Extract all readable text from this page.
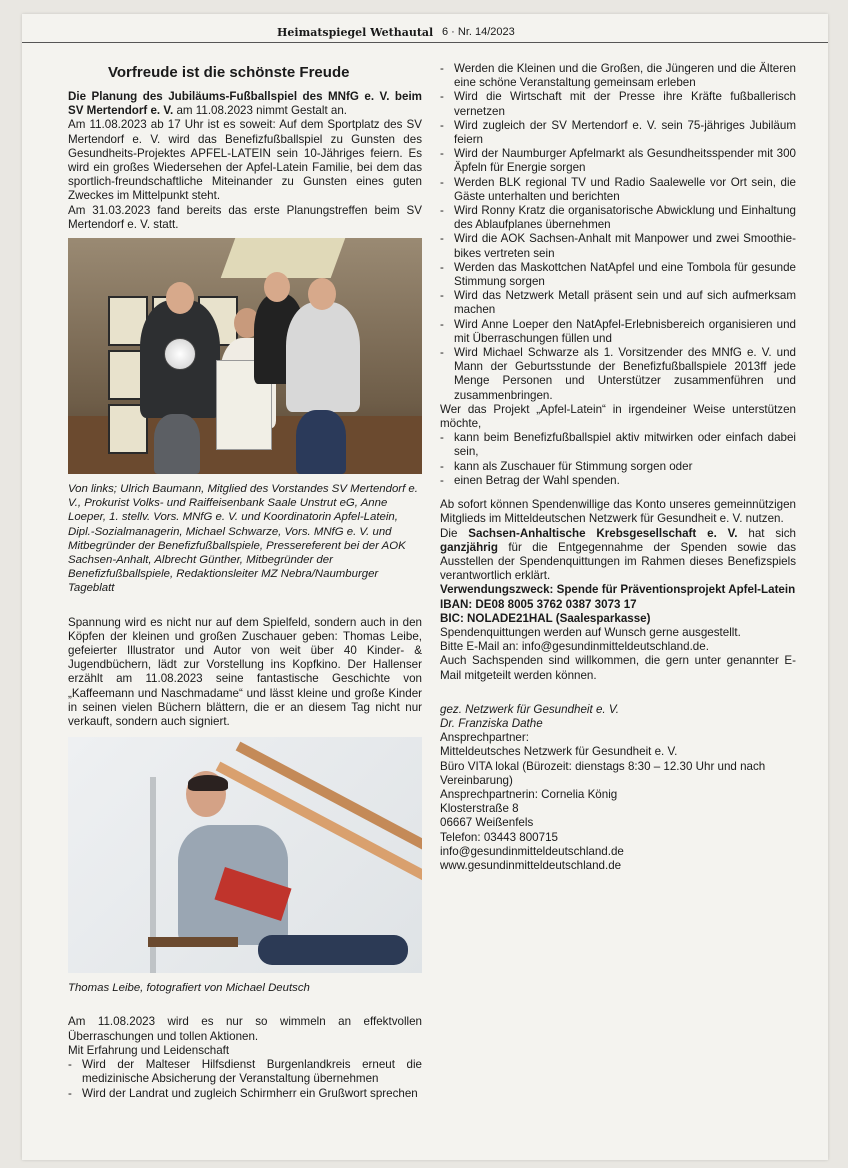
Heimatspiegel Wethautal 6 · Nr. 14/2023
Vorfreude ist die schönste Freude

Die Planung des Jubiläums-Fußballspiel des MNfG e. V. beim SV Mertendorf e. V. am 11.08.2023 nimmt Gestalt an.

Am 11.08.2023 ab 17 Uhr ist es soweit: Auf dem Sportplatz des SV Mertendorf e. V. wird das Benefizfußballspiel zu Gunsten des Gesundheits-Projektes APFEL-LATEIN sein 10-Jähriges feiern. Es wird ein großes Wiedersehen der Apfel-Latein Familie, bei dem das sportlich-freundschaftliche Miteinander zu Gunsten eines guten Zweckes im Mittelpunkt steht.

Am 31.03.2023 fand bereits das erste Planungstreffen beim SV Mertendorf e. V. statt.

Von links; Ulrich Baumann, Mitglied des Vorstandes SV Mertendorf e. V., Prokurist Volks- und Raiffeisenbank Saale Unstrut eG, Anne Loeper, 1. stellv. Vors. MNfG e. V. und Koordinatorin Apfel-Latein, Dipl.-Sozialmanagerin, Michael Schwarze, Vors. MNfG e. V. und Mitbegründer der Benefizfußballspiele, Pressereferent bei der AOK Sachsen-Anhalt, Albrecht Günther, Mitbegründer der Benefizfußballspiele, Redaktionsleiter MZ Nebra/Naumburger Tageblatt

Spannung wird es nicht nur auf dem Spielfeld, sondern auch in den Köpfen der kleinen und großen Zuschauer geben: Thomas Leibe, gefeierter Illustrator und Autor von weit über 40 Kinder- & Jugendbüchern, lädt zur Vorstellung ins Kopfkino. Der Hallenser erzählt am 11.08.2023 seine fantastische Geschichte von „Kaffeemann und Naschmadame“ und lässt kleine und große Kinder in seinen vielen Büchern blättern, die er an diesem Tag nicht nur verkauft, sondern auch signiert.

Thomas Leibe, fotografiert von Michael Deutsch

Am 11.08.2023 wird es nur so wimmeln an effektvollen Überraschungen und tollen Aktionen.

Mit Erfahrung und Leidenschaft

- Wird der Malteser Hilfsdienst Burgenlandkreis erneut die medizinische Absicherung der Veranstaltung übernehmen
- Wird der Landrat und zugleich Schirmherr ein Grußwort sprechen
- Werden die Kleinen und die Großen, die Jüngeren und die Älteren eine schöne Veranstaltung gemeinsam erleben
- Wird die Wirtschaft mit der Presse ihre Kräfte fußballerisch vernetzen
- Wird zugleich der SV Mertendorf e. V. sein 75-jähriges Jubiläum feiern
- Wird der Naumburger Apfelmarkt als Gesundheitsspender mit 300 Äpfeln für Energie sorgen
- Werden BLK regional TV und Radio Saalewelle vor Ort sein, die Gäste unterhalten und berichten
- Wird Ronny Kratz die organisatorische Abwicklung und Einhaltung des Ablaufplanes übernehmen
- Wird die AOK Sachsen-Anhalt mit Manpower und zwei Smoothie-bikes vertreten sein
- Werden das Maskottchen NatApfel und eine Tombola für gesunde Stimmung sorgen
- Wird das Netzwerk Metall präsent sein und auf sich aufmerksam machen
- Wird Anne Loeper den NatApfel-Erlebnisbereich organisieren und mit Überraschungen füllen und
- Wird Michael Schwarze als 1. Vorsitzender des MNfG e. V. und Mann der Geburtsstunde der Benefizfußballspiele 2013ff jede Menge Personen und Unterstützer zusammenführen und zusammenbringen.

Wer das Projekt „Apfel-Latein“ in irgendeiner Weise unterstützen möchte,

- kann beim Benefizfußballspiel aktiv mitwirken oder einfach dabei sein,
- kann als Zuschauer für Stimmung sorgen oder
- einen Betrag der Wahl spenden.

Ab sofort können Spendenwillige das Konto unseres gemeinnützigen Mitglieds im Mitteldeutschen Netzwerk für Gesundheit e. V. nutzen.

Die Sachsen-Anhaltische Krebsgesellschaft e. V. hat sich ganzjährig für die Entgegennahme der Spenden sowie das Ausstellen der Spendenquittungen im Rahmen dieses Benefizspiels verantwortlich erklärt.

Verwendungszweck: Spende für Präventionsprojekt Apfel-Latein

IBAN: DE08 8005 3762 0387 3073 17

BIC: NOLADE21HAL (Saalesparkasse)

Spendenquittungen werden auf Wunsch gerne ausgestellt.

Bitte E-Mail an: info@gesundinmitteldeutschland.de.

Auch Sachspenden sind willkommen, die gern unter genannter E-Mail mitgeteilt werden können.

gez. Netzwerk für Gesundheit e. V.

Dr. Franziska Dathe

Ansprechpartner:
Mitteldeutsches Netzwerk für Gesundheit e. V.
Büro VITA lokal (Bürozeit: dienstags 8:30 – 12.30 Uhr und nach Vereinbarung)
Ansprechpartnerin: Cornelia König
Klosterstraße 8
06667 Weißenfels
Telefon: 03443 800715
info@gesundinmitteldeutschland.de
www.gesundinmitteldeutschland.de
